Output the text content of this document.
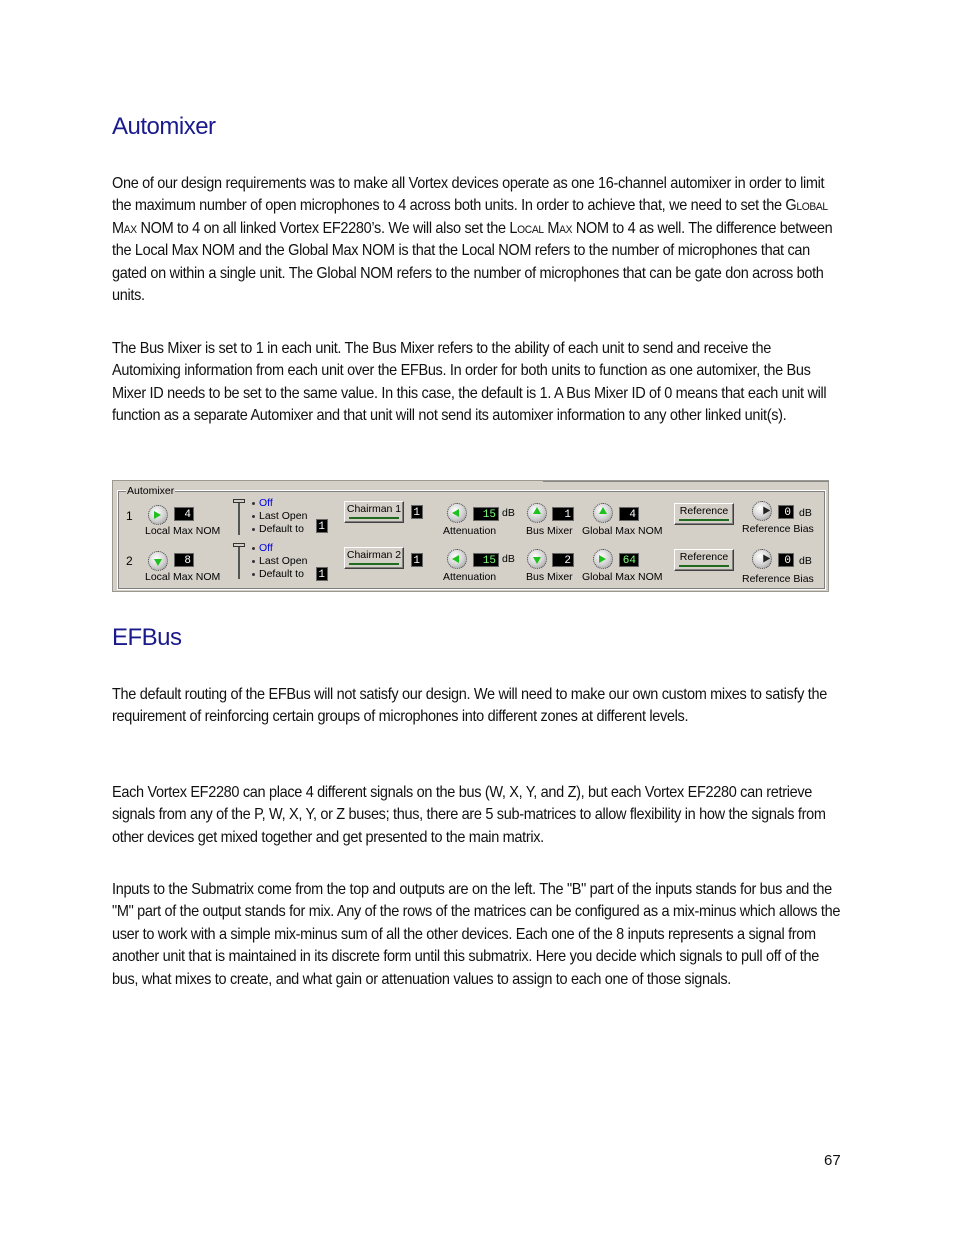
Automixer

One of our design requirements was to make all Vortex devices operate as one 16-channel automixer in order to limit the maximum number of open microphones to 4 across both units. In order to achieve that, we need to set the Global Max NOM to 4 on all linked Vortex EF2280’s. We will also set the Local Max NOM to 4 as well. The difference between the Local Max NOM and the Global Max NOM is that the Local NOM refers to the number of microphones that can gated on within a single unit. The Global NOM refers to the number of microphones that can be gate don across both units.

The Bus Mixer is set to 1 in each unit. The Bus Mixer refers to the ability of each unit to send and receive the Automixing information from each unit over the EFBus. In order for both units to function as one automixer, the Bus Mixer ID needs to be set to the same value. In this case, the default is 1. A Bus Mixer ID of 0 means that each unit will function as a separate Automixer and that unit will not send its automixer information to any other linked unit(s).

Automixer
1	4
Local Max NOM
Off
Last Open
Default to 1
Chairman 1 1	15 dB
Attenuation
1
Bus Mixer
4
Global Max NOM
Reference	0 dB
Reference Bias
2	8
Local Max NOM
Off
Last Open
Default to 1
Chairman 2 1	15 dB
Attenuation
2
Bus Mixer
64
Global Max NOM
Reference	0 dB
Reference Bias
EFBus

The default routing of the EFBus will not satisfy our design. We will need to make our own custom mixes to satisfy the requirement of reinforcing certain groups of microphones into different zones at different levels.

Each Vortex EF2280 can place 4 different signals on the bus (W, X, Y, and Z), but each Vortex EF2280 can retrieve signals from any of the P, W, X, Y, or Z buses; thus, there are 5 sub-matrices to allow flexibility in how the signals from other devices get mixed together and get presented to the main matrix.

Inputs to the Submatrix come from the top and outputs are on the left. The "B" part of the inputs stands for bus and the "M" part of the output stands for mix. Any of the rows of the matrices can be configured as a mix-minus which allows the user to work with a simple mix-minus sum of all the other devices. Each one of the 8 inputs represents a signal from another unit that is maintained in its discrete form until this submatrix. Here you decide which signals to pull off of the bus, what mixes to create, and what gain or attenuation values to assign to each one of those signals.

67
